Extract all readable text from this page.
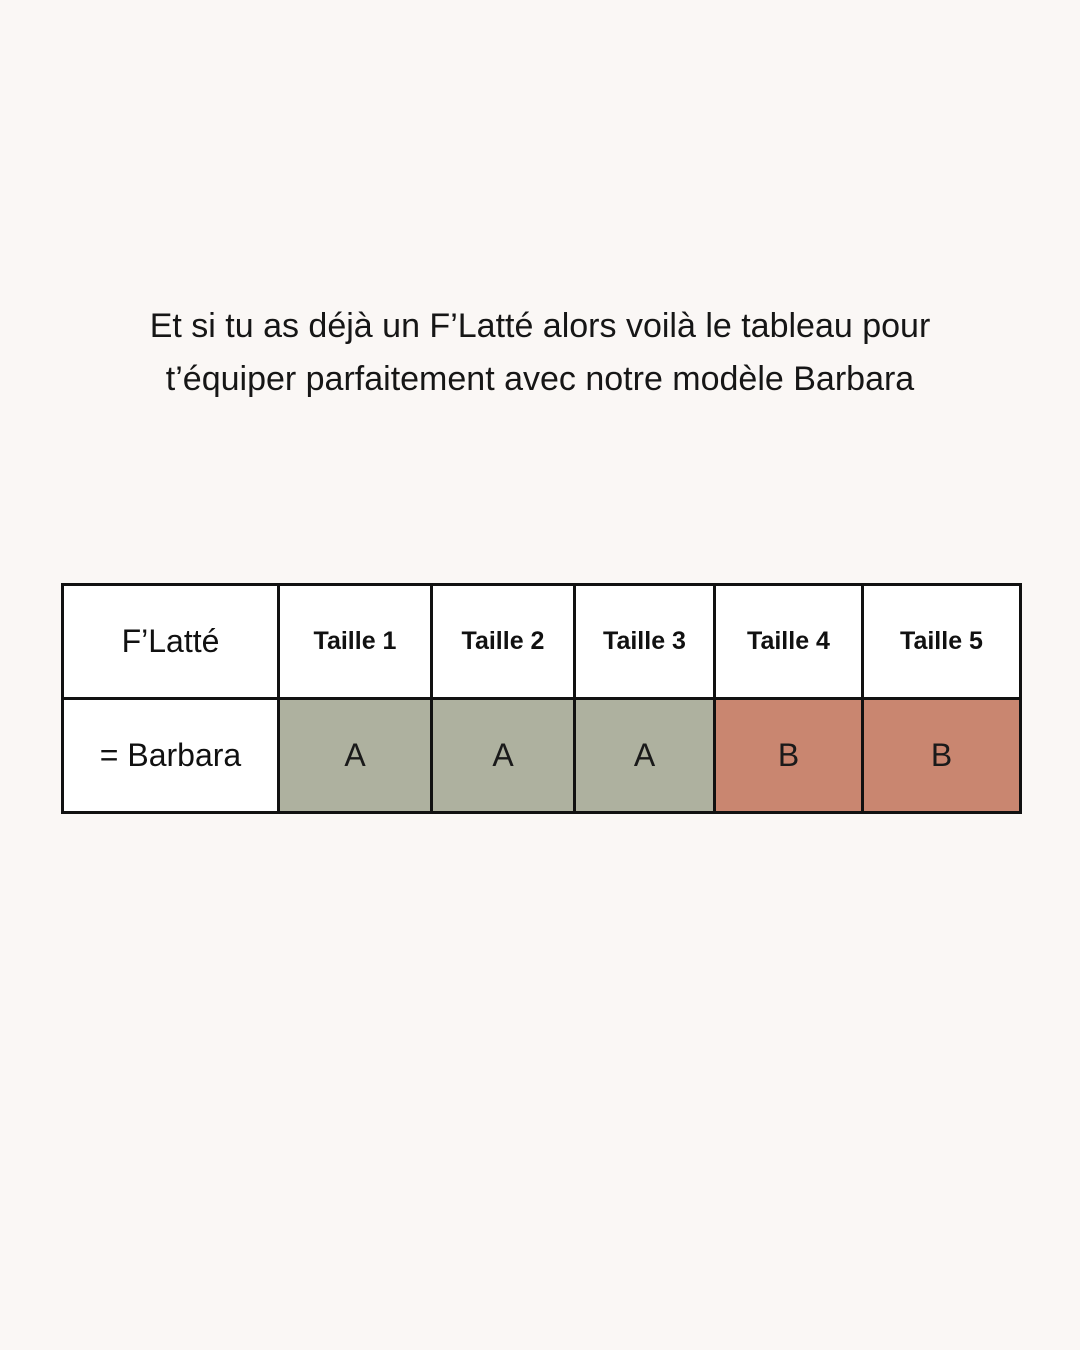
Et si tu as déjà un F’Latté alors voilà le tableau pour
t’équiper parfaitement avec notre modèle Barbara
F’Latté	Taille 1	Taille 2	Taille 3	Taille 4	Taille 5
= Barbara	A	A	A	B	B
